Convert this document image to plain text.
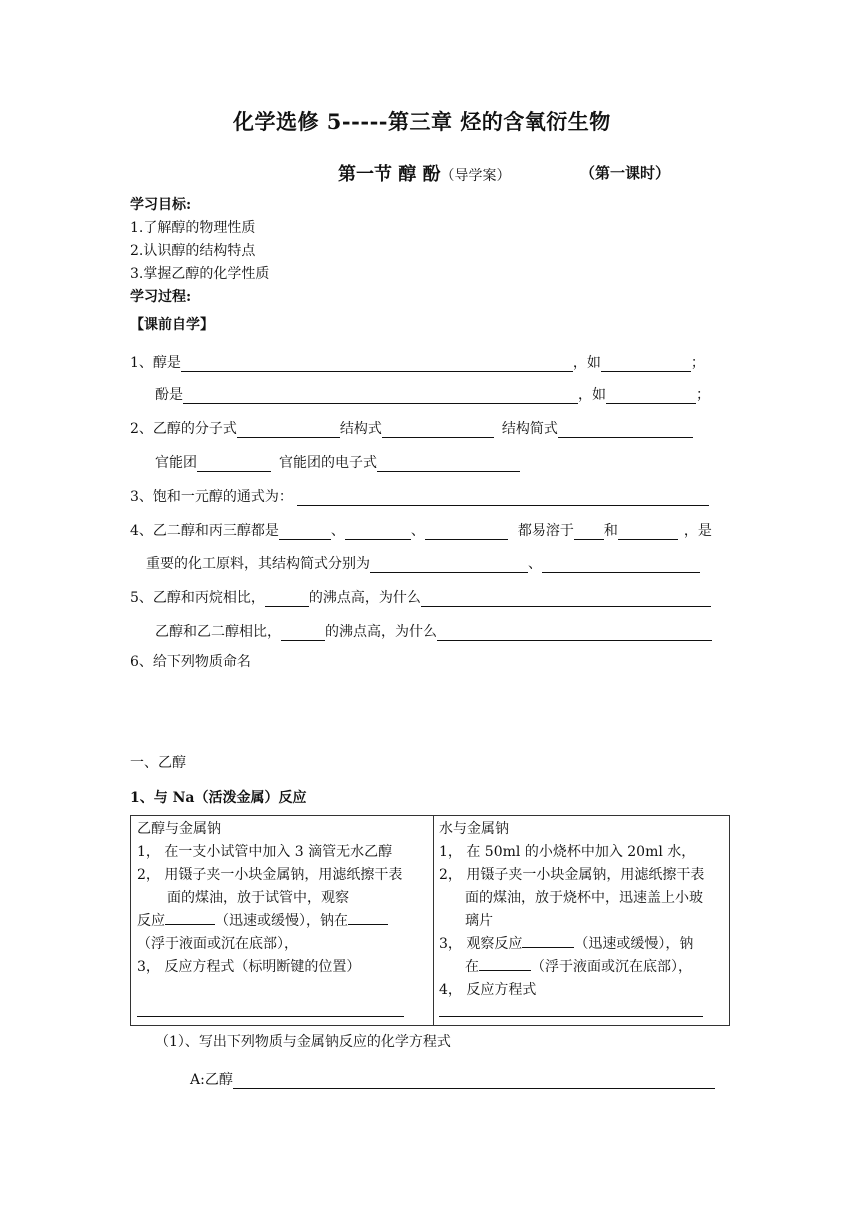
化学选修 5-----第三章 烃的含氧衍生物
第一节 醇 酚（导学案）	（第一课时）
学习目标:
1.了解醇的物理性质
2.认识醇的结构特点
3.掌握乙醇的化学性质
学习过程:
【课前自学】
1、醇是	，如	；
酚是	，如	；
2、乙醇的分子式	结构式	结构简式
官能团	官能团的电子式
3、饱和一元醇的通式为：
4、乙二醇和丙三醇都是	、	、	都易溶于 和	，是
重要的化工原料，其结构简式分别为	、
5、乙醇和丙烷相比，	的沸点高，为什么
乙醇和乙二醇相比，	的沸点高，为什么
6、给下列物质命名
一、乙醇
1、与 Na（活泼金属）反应

乙醇与金属钠

1， 在一支小试管中加入 3 滴管无水乙醇

2， 用镊子夹一小块金属钠，用滤纸擦干表

面的煤油，放于试管中，观察

反应	（迅速或缓慢），钠在

（浮于液面或沉在底部），

3， 反应方程式（标明断键的位置）

水与金属钠

1， 在 50ml 的小烧杯中加入 20ml 水，

2， 用镊子夹一小块金属钠，用滤纸擦干表

面的煤油，放于烧杯中，迅速盖上小玻

璃片

3， 观察反应	（迅速或缓慢），钠

在	（浮于液面或沉在底部），

4， 反应方程式

（1）、写出下列物质与金属钠反应的化学方程式
A:乙醇
